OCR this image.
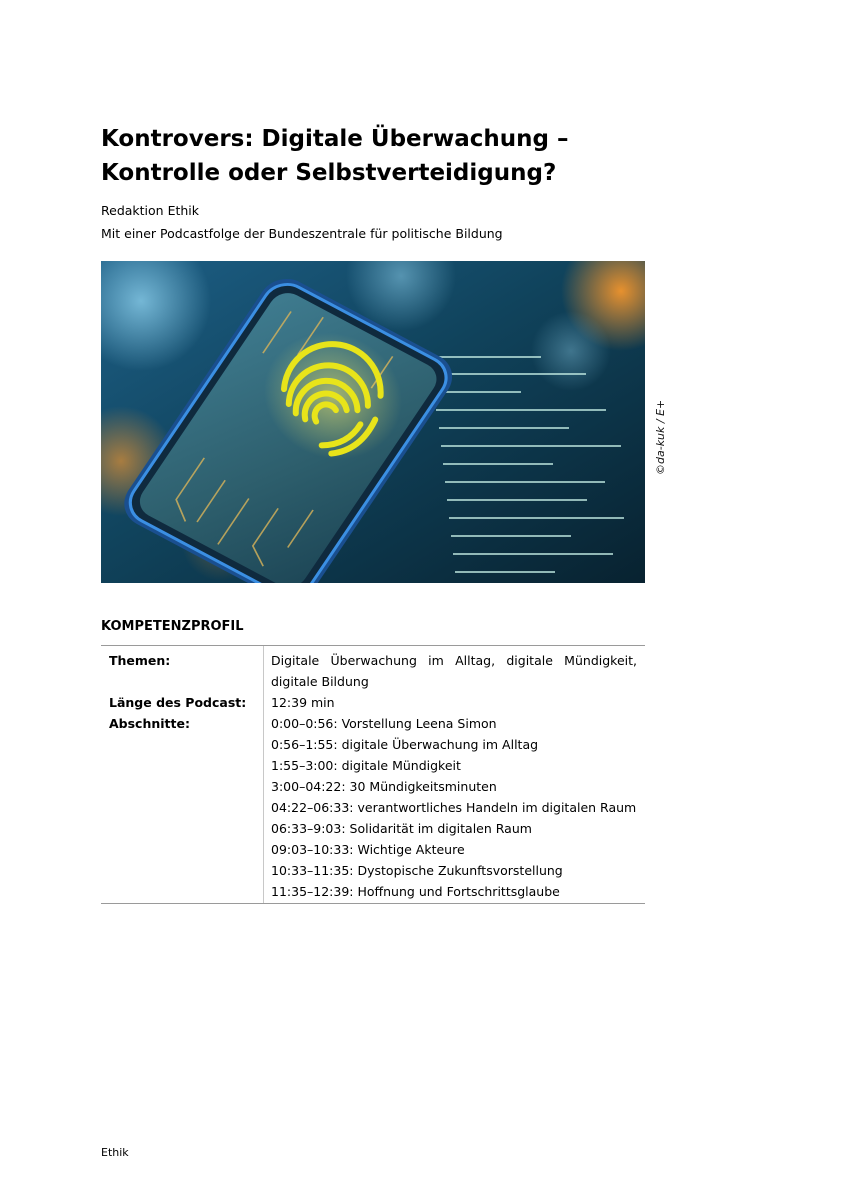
Kontrovers: Digitale Überwachung – Kontrolle oder Selbstverteidigung?
Redaktion Ethik
Mit einer Podcastfolge der Bundeszentrale für politische Bildung
©da-kuk / E+
KOMPETENZPROFIL
Themen:	Digitale Überwachung im Alltag, digitale Mündigkeit, digitale Bildung
Länge des Podcast:	12:39 min
Abschnitte:	0:00–0:56: Vorstellung Leena Simon
0:56–1:55: digitale Überwachung im Alltag
1:55–3:00: digitale Mündigkeit
3:00–04:22: 30 Mündigkeitsminuten
04:22–06:33: verantwortliches Handeln im digitalen Raum
06:33–9:03: Solidarität im digitalen Raum
09:03–10:33: Wichtige Akteure
10:33–11:35: Dystopische Zukunftsvorstellung
11:35–12:39: Hoffnung und Fortschrittsglaube
Ethik
